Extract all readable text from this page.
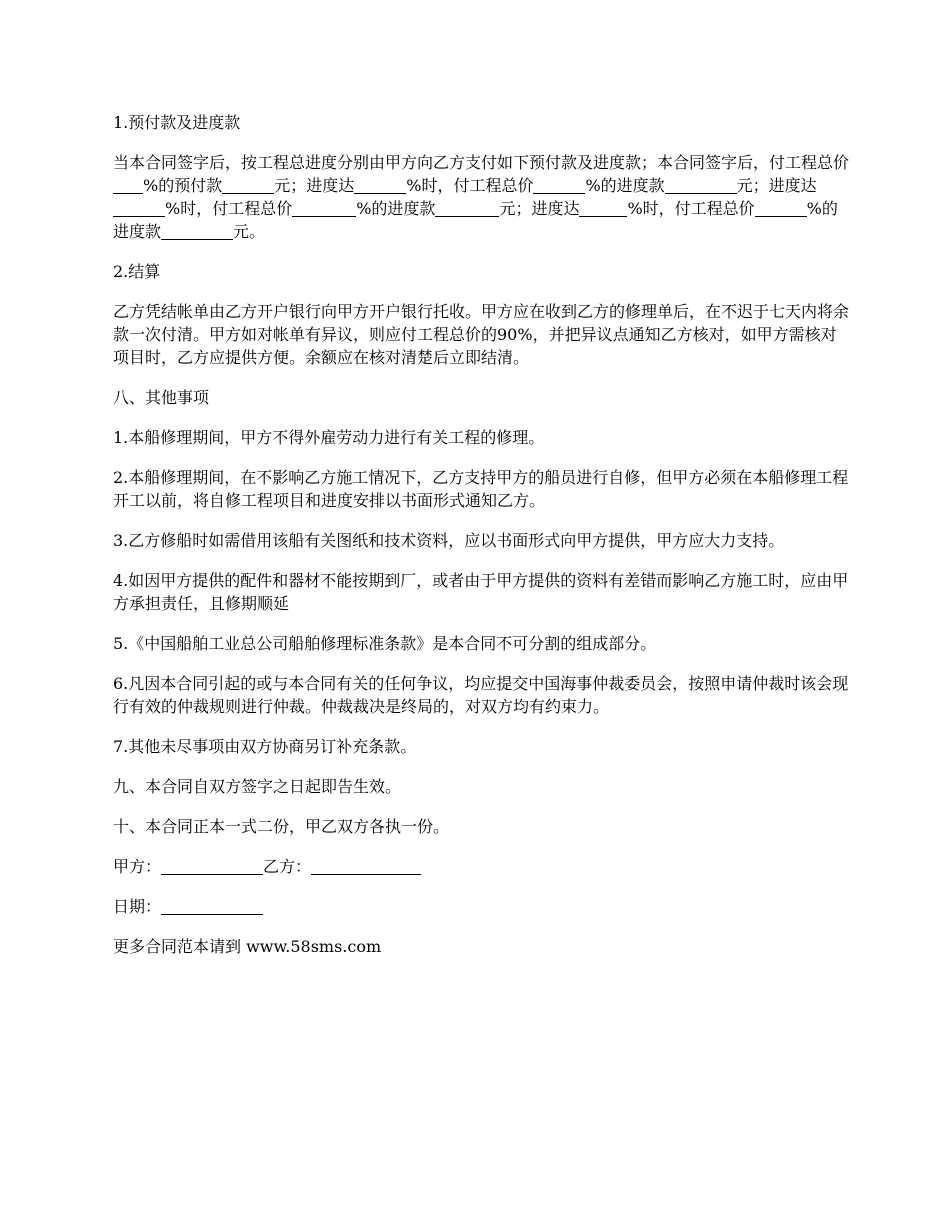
1.预付款及进度款

当本合同签字后，按工程总进度分别由甲方向乙方支付如下预付款及进度款；本合同签字后，付工程总价%的预付款	元；进度达	%时，付工程总价	%的进度款	元；进度达%时，付工程总价	%的进度款	元；进度达	%时，付工程总价	%的进度款	元。

2.结算

乙方凭结帐单由乙方开户银行向甲方开户银行托收。甲方应在收到乙方的修理单后，在不迟于七天内将余款一次付清。甲方如对帐单有异议，则应付工程总价的90%，并把异议点通知乙方核对，如甲方需核对项目时，乙方应提供方便。余额应在核对清楚后立即结清。

八、其他事项

1.本船修理期间，甲方不得外雇劳动力进行有关工程的修理。

2.本船修理期间，在不影响乙方施工情况下，乙方支持甲方的船员进行自修，但甲方必须在本船修理工程开工以前，将自修工程项目和进度安排以书面形式通知乙方。

3.乙方修船时如需借用该船有关图纸和技术资料，应以书面形式向甲方提供，甲方应大力支持。

4.如因甲方提供的配件和器材不能按期到厂，或者由于甲方提供的资料有差错而影响乙方施工时，应由甲方承担责任，且修期顺延

5.《中国船舶工业总公司船舶修理标准条款》是本合同不可分割的组成部分。

6.凡因本合同引起的或与本合同有关的任何争议，均应提交中国海事仲裁委员会，按照申请仲裁时该会现行有效的仲裁规则进行仲裁。仲裁裁决是终局的，对双方均有约束力。

7.其他未尽事项由双方协商另订补充条款。

九、本合同自双方签字之日起即告生效。

十、本合同正本一式二份，甲乙双方各执一份。

甲方：	乙方：

日期：

更多合同范本请到 www.58sms.com
